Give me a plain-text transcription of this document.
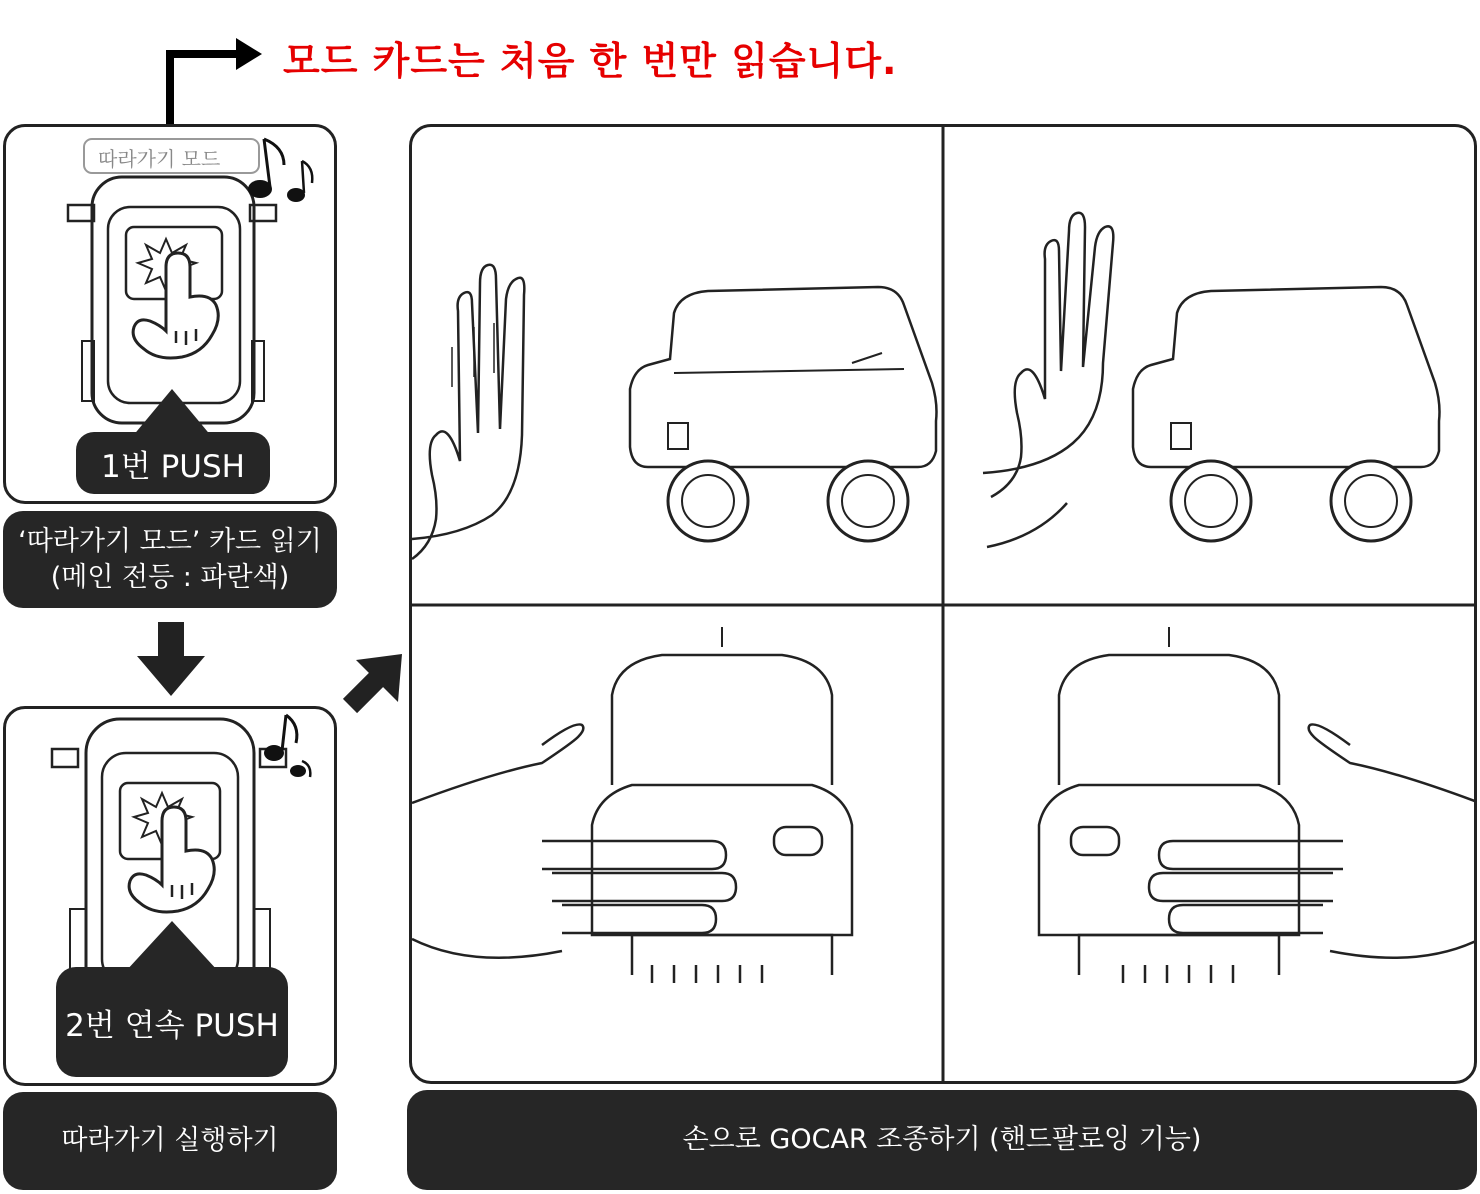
모드 카드는 처음 한 번만 읽습니다.
따라가기 모드
1번 PUSH
‘따라가기 모드’ 카드 읽기
(메인 전등 : 파란색)
2번 연속 PUSH
따라가기 실행하기	손으로 GOCAR 조종하기 (핸드팔로잉 기능)
